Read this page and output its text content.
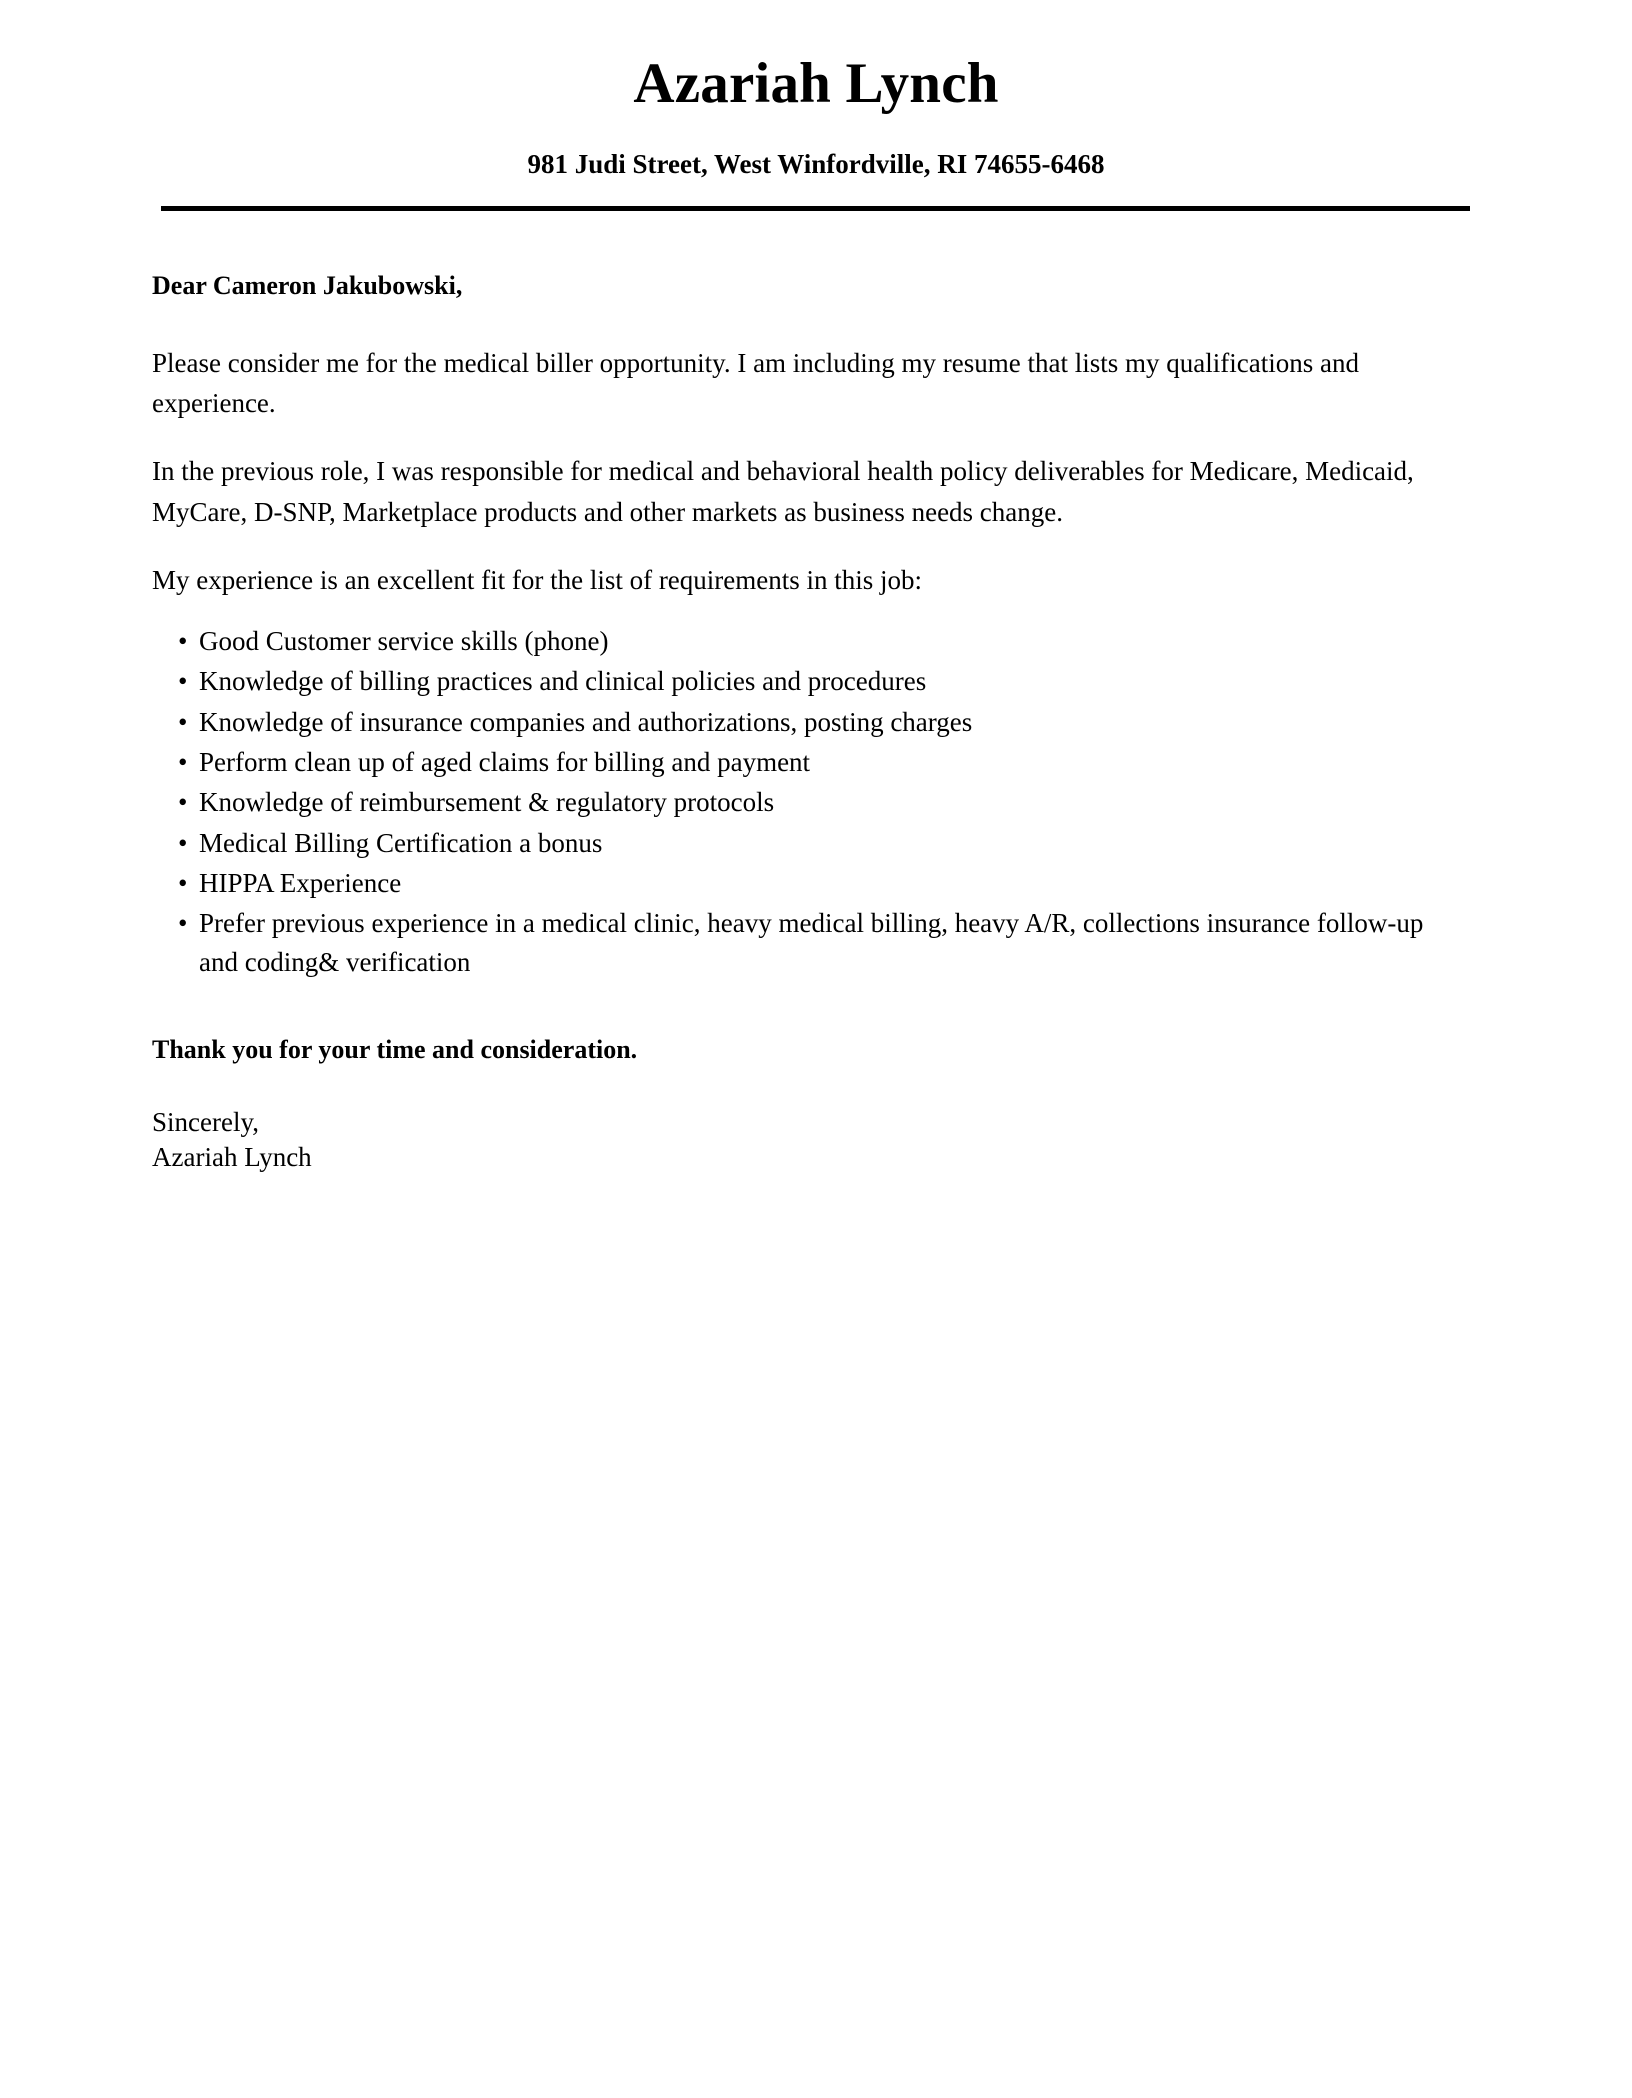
Azariah Lynch
981 Judi Street, West Winfordville, RI 74655-6468

Dear Cameron Jakubowski,

Please consider me for the medical biller opportunity. I am including my resume that lists my qualifications and experience.

In the previous role, I was responsible for medical and behavioral health policy deliverables for Medicare, Medicaid, MyCare, D-SNP, Marketplace products and other markets as business needs change.

My experience is an excellent fit for the list of requirements in this job:

• Good Customer service skills (phone)
• Knowledge of billing practices and clinical policies and procedures
• Knowledge of insurance companies and authorizations, posting charges
• Perform clean up of aged claims for billing and payment
• Knowledge of reimbursement & regulatory protocols
• Medical Billing Certification a bonus
• HIPPA Experience
• Prefer previous experience in a medical clinic, heavy medical billing, heavy A/R, collections insurance follow-up and coding& verification

Thank you for your time and consideration.

Sincerely,
Azariah Lynch
